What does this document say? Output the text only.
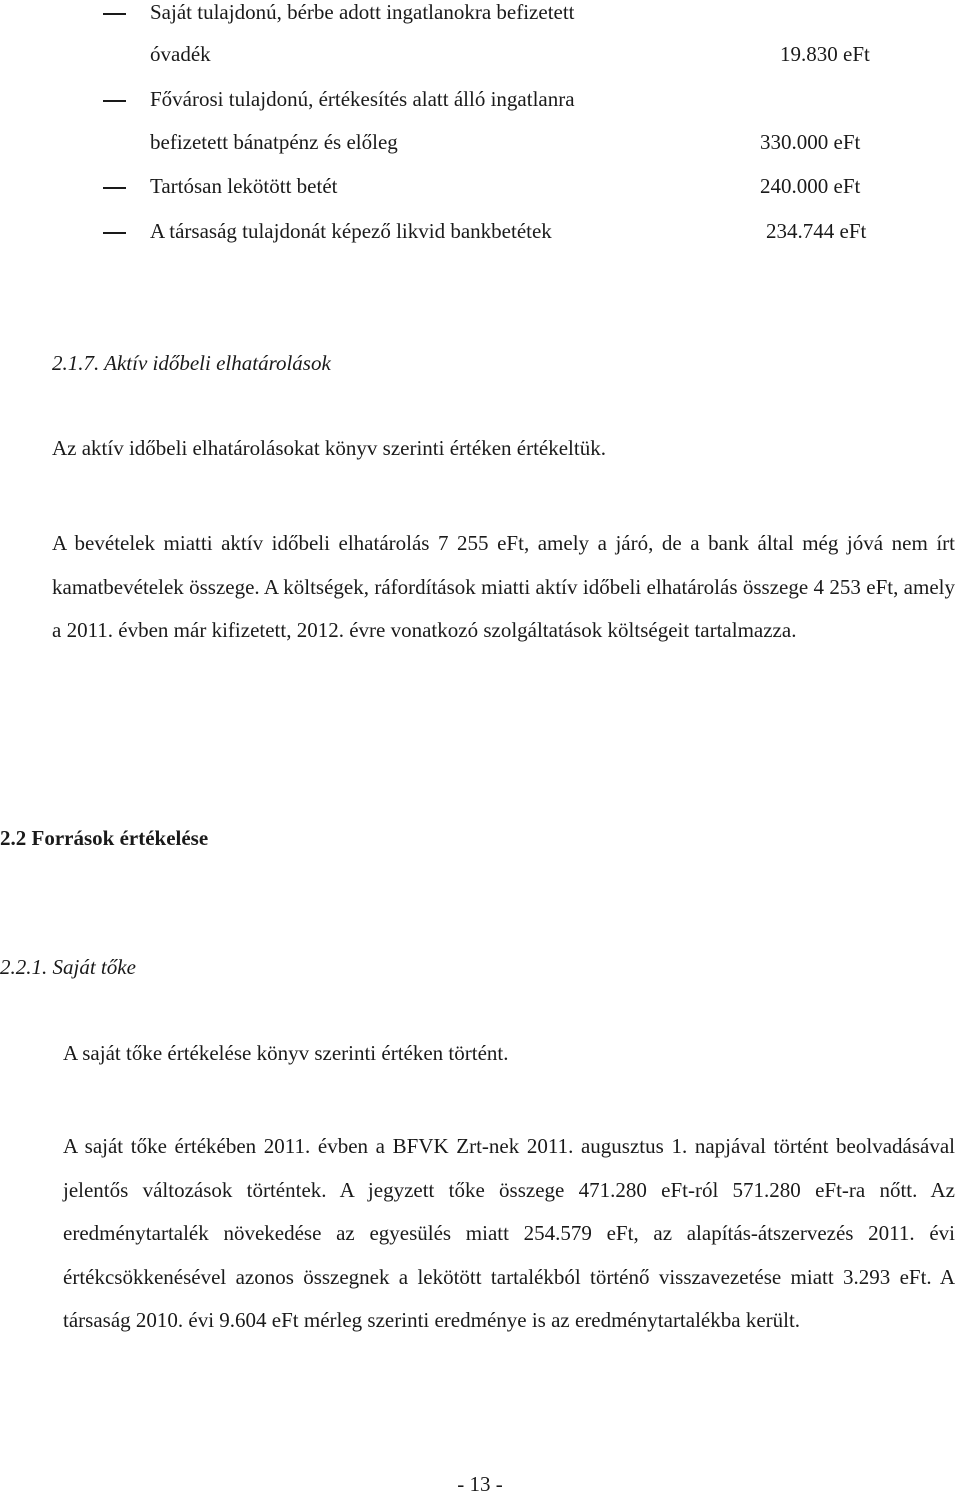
Saját tulajdonú, bérbe adott ingatlanokra befizetett
óvadék	19.830 eFt
Fővárosi tulajdonú, értékesítés alatt álló ingatlanra
befizetett bánatpénz és előleg	330.000 eFt
Tartósan lekötött betét	240.000 eFt
A társaság tulajdonát képező likvid bankbetétek	234.744 eFt
2.1.7. Aktív időbeli elhatárolások
Az aktív időbeli elhatárolásokat könyv szerinti értéken értékeltük.

A bevételek miatti aktív időbeli elhatárolás 7 255 eFt, amely a járó, de a bank által még jóvá nem írt kamatbevételek összege. A költségek, ráfordítások miatti aktív időbeli elhatárolás összege 4 253 eFt, amely a 2011. évben már kifizetett, 2012. évre vonatkozó szolgáltatások költségeit tartalmazza.

2.2 Források értékelése
2.2.1. Saját tőke
A saját tőke értékelése könyv szerinti értéken történt.

A saját tőke értékében 2011. évben a BFVK Zrt-nek 2011. augusztus 1. napjával történt beolvadásával jelentős változások történtek. A jegyzett tőke összege 471.280 eFt-ról 571.280 eFt-ra nőtt. Az eredménytartalék növekedése az egyesülés miatt 254.579 eFt, az alapítás-átszervezés 2011. évi értékcsökkenésével azonos összegnek a lekötött tartalékból történő visszavezetése miatt 3.293 eFt. A társaság 2010. évi 9.604 eFt mérleg szerinti eredménye is az eredménytartalékba került.

- 13 -
